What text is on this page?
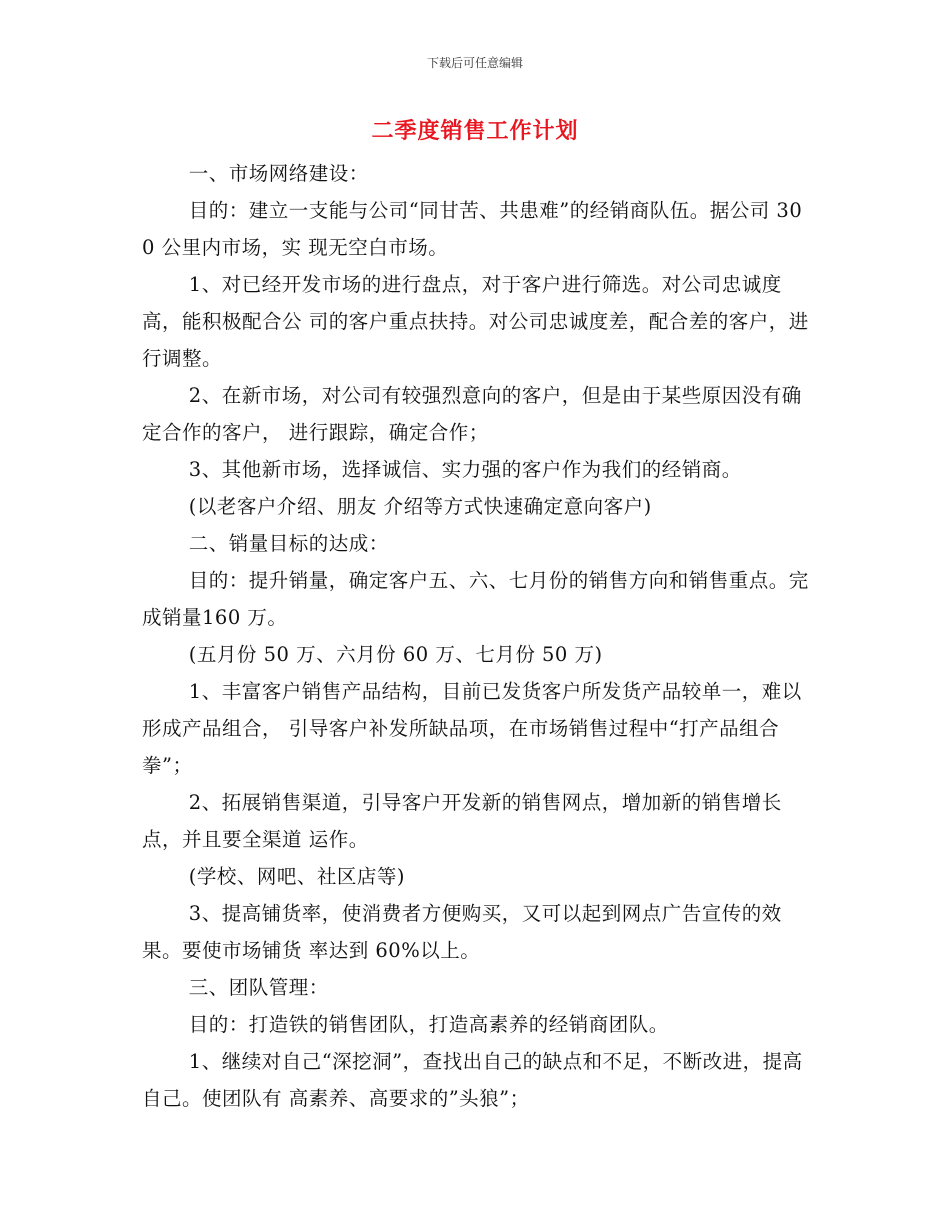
下载后可任意编辑
二季度销售工作计划

一、市场网络建设：

目的：建立一支能与公司“同甘苦、共患难”的经销商队伍。据公司 300 公里内市场，实 现无空白市场。

1、对已经开发市场的进行盘点，对于客户进行筛选。对公司忠诚度高，能积极配合公 司的客户重点扶持。对公司忠诚度差，配合差的客户，进行调整。

2、在新市场，对公司有较强烈意向的客户，但是由于某些原因没有确定合作的客户， 进行跟踪，确定合作；

3、其他新市场，选择诚信、实力强的客户作为我们的经销商。

(以老客户介绍、朋友 介绍等方式快速确定意向客户)

二、销量目标的达成：

目的：提升销量，确定客户五、六、七月份的销售方向和销售重点。完成销量160 万。

(五月份 50 万、六月份 60 万、七月份 50 万)

1、丰富客户销售产品结构，目前已发货客户所发货产品较单一，难以形成产品组合， 引导客户补发所缺品项，在市场销售过程中“打产品组合拳”；

2、拓展销售渠道，引导客户开发新的销售网点，增加新的销售增长点，并且要全渠道 运作。

(学校、网吧、社区店等)

3、提高铺货率，使消费者方便购买，又可以起到网点广告宣传的效果。要使市场铺货 率达到 60%以上。

三、团队管理：

目的：打造铁的销售团队，打造高素养的经销商团队。

1、继续对自己“深挖洞”，查找出自己的缺点和不足，不断改进，提高自己。使团队有 高素养、高要求的”头狼”；
